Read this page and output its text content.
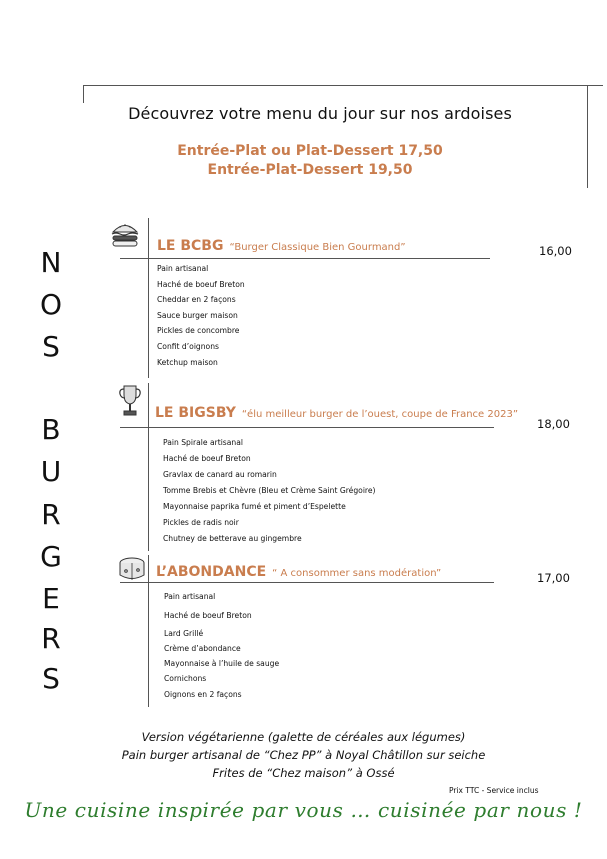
Découvrez votre menu du jour sur nos ardoises
Entrée-Plat ou Plat-Dessert 17,50
Entrée-Plat-Dessert 19,50
N
O
S
B
U
R
G
E
R
S
LE BCBG “Burger Classique Bien Gourmand”	16,00
Pain artisanal
Haché de boeuf Breton
Cheddar en 2 façons
Sauce burger maison
Pickles de concombre
Confit d’oignons
Ketchup maison
LE BIGSBY “élu meilleur burger de l’ouest, coupe de France 2023”
18,00
Pain Spirale artisanal
Haché de boeuf Breton
Gravlax de canard au romarin
Tomme Brebis et Chèvre (Bleu et Crème Saint Grégoire)
Mayonnaise paprika fumé et piment d’Espelette
Pickles de radis noir
Chutney de betterave au gingembre
L’ABONDANCE “ A consommer sans modération”	17,00
Pain artisanal
Haché de boeuf Breton
Lard Grillé
Crème d’abondance
Mayonnaise à l’huile de sauge
Cornichons
Oignons en 2 façons
Version végétarienne (galette de céréales aux légumes)
Pain burger artisanal de “Chez PP” à Noyal Châtillon sur seiche
Frites de “Chez maison” à Ossé
Prix TTC - Service inclus
Une cuisine inspirée par vous … cuisinée par nous !
